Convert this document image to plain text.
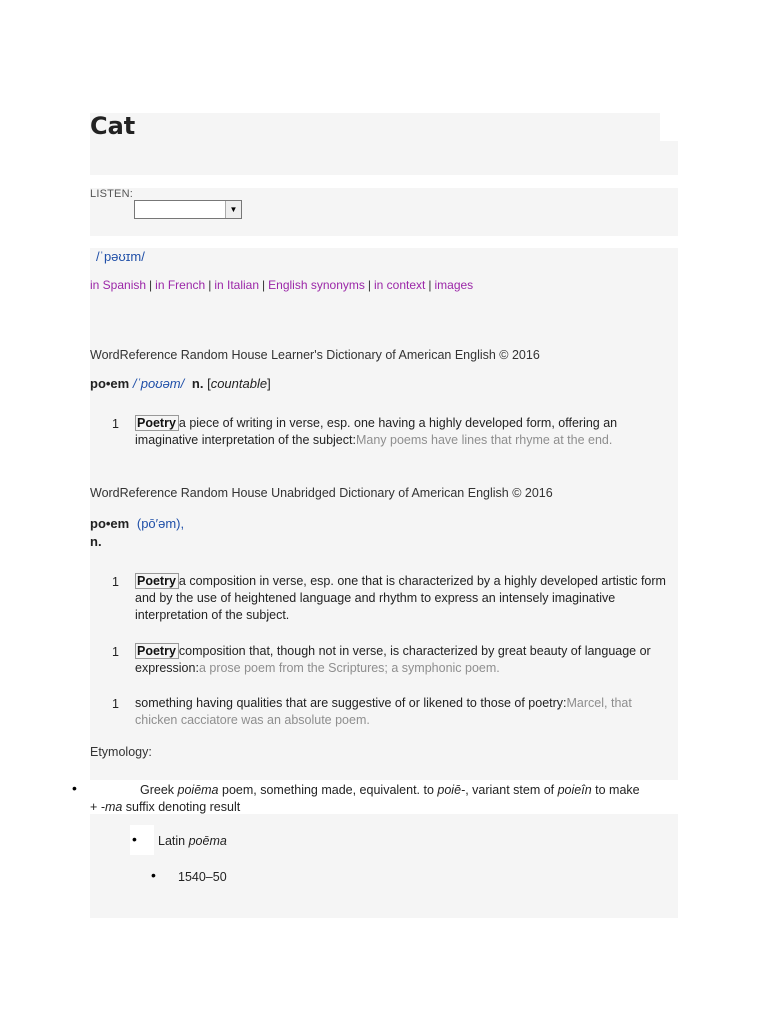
Cat
LISTEN:
▼
/ˈpəʊɪm/
in Spanish | in French | in Italian | English synonyms | in context | images
WordReference Random House Learner's Dictionary of American English © 2016
po•em /ˈpoʊəm/ n. [countable]
1 Poetry a piece of writing in verse, esp. one having a highly developed form, offering an imaginative interpretation of the subject:Many poems have lines that rhyme at the end.
WordReference Random House Unabridged Dictionary of American English © 2016
po•em (pō′əm),
n.
1 Poetry a composition in verse, esp. one that is characterized by a highly developed artistic form and by the use of heightened language and rhythm to express an intensely imaginative interpretation of the subject.
1 Poetry composition that, though not in verse, is characterized by great beauty of language or expression:a prose poem from the Scriptures; a symphonic poem.
1 something having qualities that are suggestive of or likened to those of poetry:Marcel, that chicken cacciatore was an absolute poem.
Etymology:
•	Greek poiēma poem, something made, equivalent. to poiē-, variant stem of poieîn to make
+ -ma suffix denoting result
• Latin poēma
• 1540–50
